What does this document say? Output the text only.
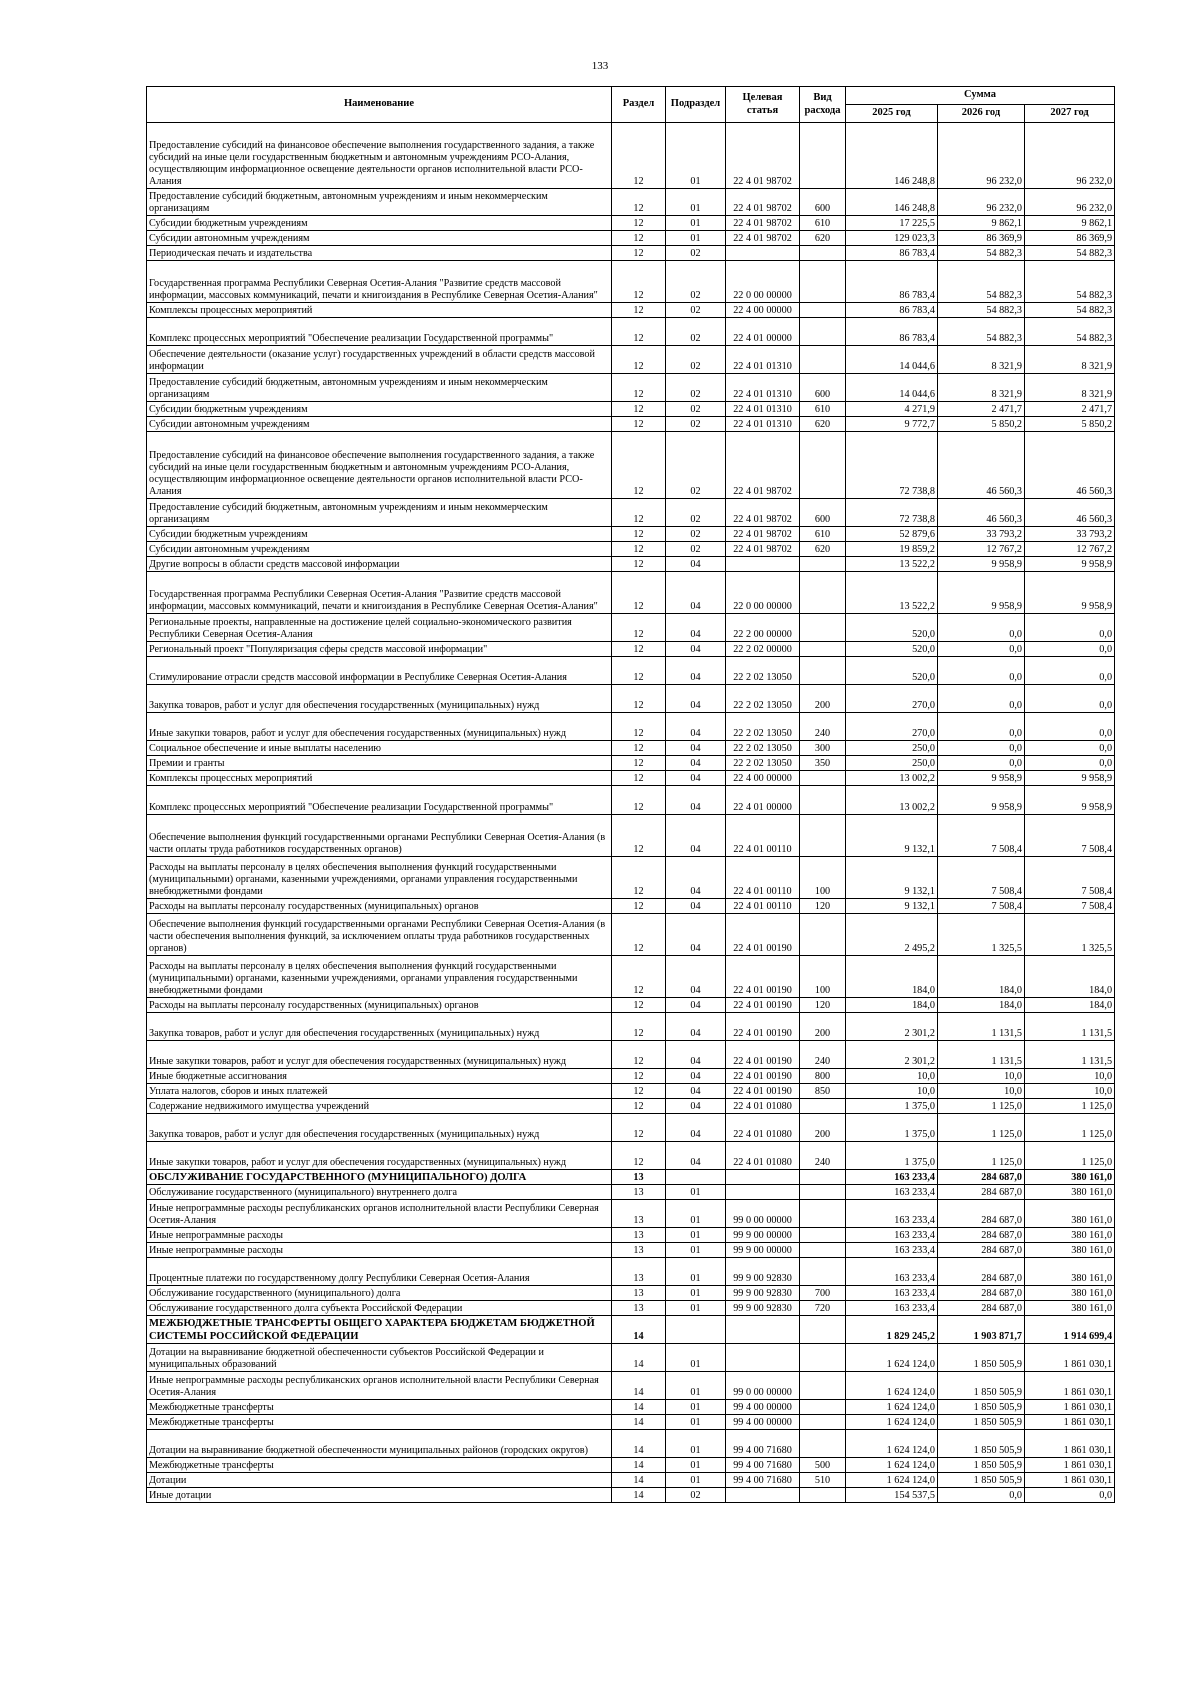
133
Наименование	Раздел	Подраздел	Целевая статья	Вид расхода	Сумма		
					2025 год	2026 год	2027 год
Предоставление субсидий на финансовое обеспечение выполнения государственного задания, а также субсидий на иные цели государственным бюджетным и автономным учреждениям РСО-Алания, осуществляющим информационное освещение деятельности органов исполнительной власти РСО-Алания	12	01	22 4 01 98702		146 248,8	96 232,0	96 232,0
Предоставление субсидий бюджетным, автономным учреждениям и иным некоммерческим организациям	12	01	22 4 01 98702	600	146 248,8	96 232,0	96 232,0
Субсидии бюджетным учреждениям	12	01	22 4 01 98702	610	17 225,5	9 862,1	9 862,1
Субсидии автономным учреждениям	12	01	22 4 01 98702	620	129 023,3	86 369,9	86 369,9
Периодическая печать и издательства	12	02			86 783,4	54 882,3	54 882,3
Государственная программа Республики Северная Осетия-Алания "Развитие средств массовой информации, массовых коммуникаций, печати и книгоиздания в Республике Северная Осетия-Алания"	12	02	22 0 00 00000		86 783,4	54 882,3	54 882,3
Комплексы процессных мероприятий	12	02	22 4 00 00000		86 783,4	54 882,3	54 882,3
Комплекс процессных мероприятий "Обеспечение реализации Государственной программы"	12	02	22 4 01 00000		86 783,4	54 882,3	54 882,3
Обеспечение деятельности (оказание услуг) государственных учреждений в области средств массовой информации	12	02	22 4 01 01310		14 044,6	8 321,9	8 321,9
Предоставление субсидий бюджетным, автономным учреждениям и иным некоммерческим организациям	12	02	22 4 01 01310	600	14 044,6	8 321,9	8 321,9
Субсидии бюджетным учреждениям	12	02	22 4 01 01310	610	4 271,9	2 471,7	2 471,7
Субсидии автономным учреждениям	12	02	22 4 01 01310	620	9 772,7	5 850,2	5 850,2
Предоставление субсидий на финансовое обеспечение выполнения государственного задания, а также субсидий на иные цели государственным бюджетным и автономным учреждениям РСО-Алания, осуществляющим информационное освещение деятельности органов исполнительной власти РСО-Алания	12	02	22 4 01 98702		72 738,8	46 560,3	46 560,3
Предоставление субсидий бюджетным, автономным учреждениям и иным некоммерческим организациям	12	02	22 4 01 98702	600	72 738,8	46 560,3	46 560,3
Субсидии бюджетным учреждениям	12	02	22 4 01 98702	610	52 879,6	33 793,2	33 793,2
Субсидии автономным учреждениям	12	02	22 4 01 98702	620	19 859,2	12 767,2	12 767,2
Другие вопросы в области средств массовой информации	12	04			13 522,2	9 958,9	9 958,9
Государственная программа Республики Северная Осетия-Алания "Развитие средств массовой информации, массовых коммуникаций, печати и книгоиздания в Республике Северная Осетия-Алания"	12	04	22 0 00 00000		13 522,2	9 958,9	9 958,9
Региональные проекты, направленные на достижение целей социально-экономического развития Республики Северная Осетия-Алания	12	04	22 2 00 00000		520,0	0,0	0,0
Региональный проект "Популяризация сферы средств массовой информации"	12	04	22 2 02 00000		520,0	0,0	0,0
Стимулирование отрасли средств массовой информации в Республике Северная Осетия-Алания	12	04	22 2 02 13050		520,0	0,0	0,0
Закупка товаров, работ и услуг для обеспечения государственных (муниципальных) нужд	12	04	22 2 02 13050	200	270,0	0,0	0,0
Иные закупки товаров, работ и услуг для обеспечения государственных (муниципальных) нужд	12	04	22 2 02 13050	240	270,0	0,0	0,0
Социальное обеспечение и иные выплаты населению	12	04	22 2 02 13050	300	250,0	0,0	0,0
Премии и гранты	12	04	22 2 02 13050	350	250,0	0,0	0,0
Комплексы процессных мероприятий	12	04	22 4 00 00000		13 002,2	9 958,9	9 958,9
Комплекс процессных мероприятий "Обеспечение реализации Государственной программы"	12	04	22 4 01 00000		13 002,2	9 958,9	9 958,9
Обеспечение выполнения функций государственными органами Республики Северная Осетия-Алания (в части оплаты труда работников государственных органов)	12	04	22 4 01 00110		9 132,1	7 508,4	7 508,4
Расходы на выплаты персоналу в целях обеспечения выполнения функций государственными (муниципальными) органами, казенными учреждениями, органами управления государственными внебюджетными фондами	12	04	22 4 01 00110	100	9 132,1	7 508,4	7 508,4
Расходы на выплаты персоналу государственных (муниципальных) органов	12	04	22 4 01 00110	120	9 132,1	7 508,4	7 508,4
Обеспечение выполнения функций государственными органами Республики Северная Осетия-Алания (в части обеспечения выполнения функций, за исключением оплаты труда работников государственных органов)	12	04	22 4 01 00190		2 495,2	1 325,5	1 325,5
Расходы на выплаты персоналу в целях обеспечения выполнения функций государственными (муниципальными) органами, казенными учреждениями, органами управления государственными внебюджетными фондами	12	04	22 4 01 00190	100	184,0	184,0	184,0
Расходы на выплаты персоналу государственных (муниципальных) органов	12	04	22 4 01 00190	120	184,0	184,0	184,0
Закупка товаров, работ и услуг для обеспечения государственных (муниципальных) нужд	12	04	22 4 01 00190	200	2 301,2	1 131,5	1 131,5
Иные закупки товаров, работ и услуг для обеспечения государственных (муниципальных) нужд	12	04	22 4 01 00190	240	2 301,2	1 131,5	1 131,5
Иные бюджетные ассигнования	12	04	22 4 01 00190	800	10,0	10,0	10,0
Уплата налогов, сборов и иных платежей	12	04	22 4 01 00190	850	10,0	10,0	10,0
Содержание недвижимого имущества учреждений	12	04	22 4 01 01080		1 375,0	1 125,0	1 125,0
Закупка товаров, работ и услуг для обеспечения государственных (муниципальных) нужд	12	04	22 4 01 01080	200	1 375,0	1 125,0	1 125,0
Иные закупки товаров, работ и услуг для обеспечения государственных (муниципальных) нужд	12	04	22 4 01 01080	240	1 375,0	1 125,0	1 125,0
ОБСЛУЖИВАНИЕ ГОСУДАРСТВЕННОГО (МУНИЦИПАЛЬНОГО) ДОЛГА	13				163 233,4	284 687,0	380 161,0
Обслуживание государственного (муниципального) внутреннего долга	13	01			163 233,4	284 687,0	380 161,0
Иные непрограммные расходы республиканских органов исполнительной власти Республики Северная Осетия-Алания	13	01	99 0 00 00000		163 233,4	284 687,0	380 161,0
Иные непрограммные расходы	13	01	99 9 00 00000		163 233,4	284 687,0	380 161,0
Иные непрограммные расходы	13	01	99 9 00 00000		163 233,4	284 687,0	380 161,0
Процентные платежи по государственному долгу Республики Северная Осетия-Алания	13	01	99 9 00 92830		163 233,4	284 687,0	380 161,0
Обслуживание государственного (муниципального) долга	13	01	99 9 00 92830	700	163 233,4	284 687,0	380 161,0
Обслуживание государственного долга субъекта Российской Федерации	13	01	99 9 00 92830	720	163 233,4	284 687,0	380 161,0
МЕЖБЮДЖЕТНЫЕ ТРАНСФЕРТЫ ОБЩЕГО ХАРАКТЕРА БЮДЖЕТАМ БЮДЖЕТНОЙ СИСТЕМЫ РОССИЙСКОЙ ФЕДЕРАЦИИ	14				1 829 245,2	1 903 871,7	1 914 699,4
Дотации на выравнивание бюджетной обеспеченности субъектов Российской Федерации и муниципальных образований	14	01			1 624 124,0	1 850 505,9	1 861 030,1
Иные непрограммные расходы республиканских органов исполнительной власти Республики Северная Осетия-Алания	14	01	99 0 00 00000		1 624 124,0	1 850 505,9	1 861 030,1
Межбюджетные трансферты	14	01	99 4 00 00000		1 624 124,0	1 850 505,9	1 861 030,1
Межбюджетные трансферты	14	01	99 4 00 00000		1 624 124,0	1 850 505,9	1 861 030,1
Дотации на выравнивание бюджетной обеспеченности муниципальных районов (городских округов)	14	01	99 4 00 71680		1 624 124,0	1 850 505,9	1 861 030,1
Межбюджетные трансферты	14	01	99 4 00 71680	500	1 624 124,0	1 850 505,9	1 861 030,1
Дотации	14	01	99 4 00 71680	510	1 624 124,0	1 850 505,9	1 861 030,1
Иные дотации	14	02			154 537,5	0,0	0,0
